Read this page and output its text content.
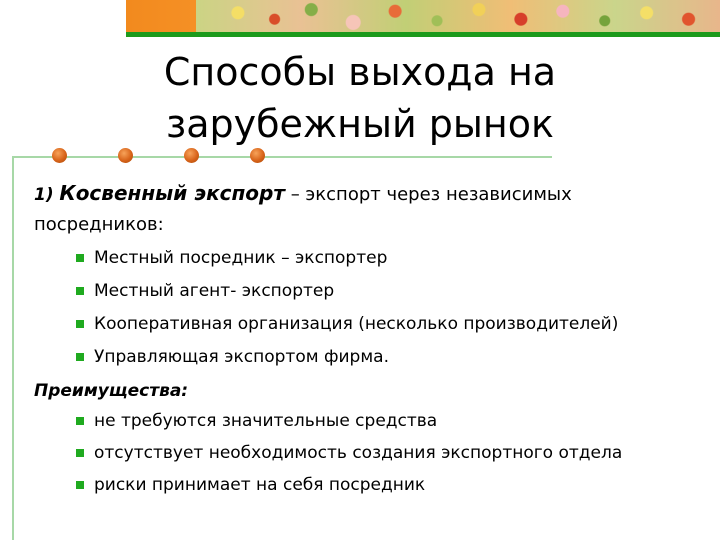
Способы выхода на
зарубежный рынок
1) Косвенный экспорт – экспорт через независимых посредников:
Местный посредник – экспортер
Местный агент- экспортер
Кооперативная организация (несколько производителей)
Управляющая экспортом фирма.
Преимущества:
не требуются значительные средства
отсутствует необходимость создания экспортного отдела
риски принимает на себя посредник
